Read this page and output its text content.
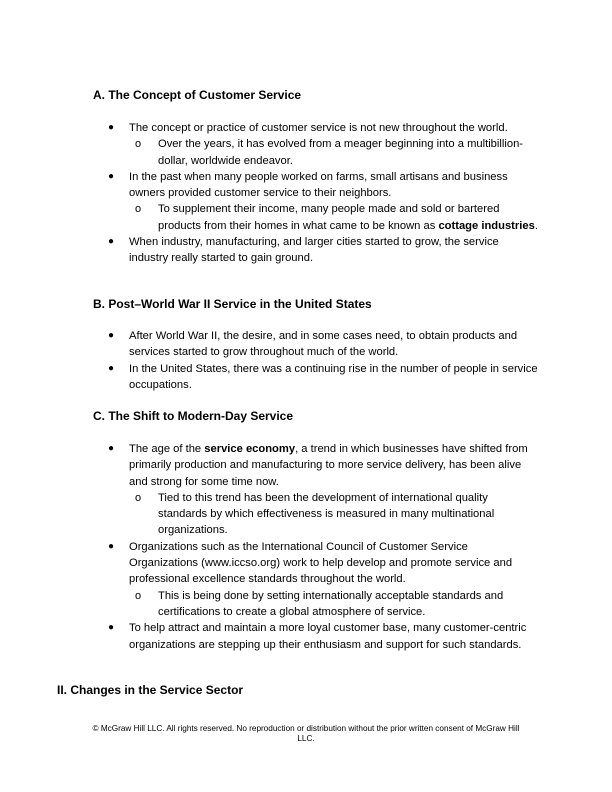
A. The Concept of Customer Service
● The concept or practice of customer service is not new throughout the world.
o Over the years, it has evolved from a meager beginning into a multibillion-dollar, worldwide endeavor.
● In the past when many people worked on farms, small artisans and business owners provided customer service to their neighbors.
o To supplement their income, many people made and sold or bartered products from their homes in what came to be known as cottage industries.
● When industry, manufacturing, and larger cities started to grow, the service industry really started to gain ground.
B. Post–World War II Service in the United States
● After World War II, the desire, and in some cases need, to obtain products and services started to grow throughout much of the world.
● In the United States, there was a continuing rise in the number of people in service occupations.
C. The Shift to Modern-Day Service
● The age of the service economy, a trend in which businesses have shifted from primarily production and manufacturing to more service delivery, has been alive and strong for some time now.
o Tied to this trend has been the development of international quality standards by which effectiveness is measured in many multinational organizations.
● Organizations such as the International Council of Customer Service Organizations (www.iccso.org) work to help develop and promote service and professional excellence standards throughout the world.
o This is being done by setting internationally acceptable standards and certifications to create a global atmosphere of service.
● To help attract and maintain a more loyal customer base, many customer-centric organizations are stepping up their enthusiasm and support for such standards.
II. Changes in the Service Sector
© McGraw Hill LLC. All rights reserved. No reproduction or distribution without the prior written consent of McGraw Hill LLC.
